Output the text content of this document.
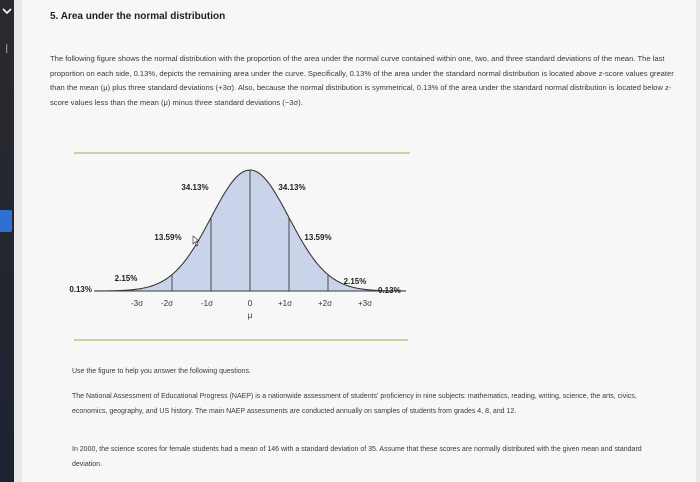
❘
5. Area under the normal distribution
The following figure shows the normal distribution with the proportion of the area under the normal curve contained within one, two, and three standard deviations of the mean. The last proportion on each side, 0.13%, depicts the remaining area under the curve. Specifically, 0.13% of the area under the standard normal distribution is located above z-score values greater than the mean (μ) plus three standard deviations (+3σ). Also, because the normal distribution is symmetrical, 0.13% of the area under the standard normal distribution is located below z-score values less than the mean (μ) minus three standard deviations (−3σ).
-3σ -2σ	-1σ	0	+1σ	+2σ	+3σ
μ
0.13%
2.15%
13.59%
34.13%	34.13%
13.59%
2.15%
0.13%
Use the figure to help you answer the following questions.
The National Assessment of Educational Progress (NAEP) is a nationwide assessment of students' proficiency in nine subjects: mathematics, reading, writing, science, the arts, civics, economics, geography, and US history. The main NAEP assessments are conducted annually on samples of students from grades 4, 8, and 12.
In 2000, the science scores for female students had a mean of 146 with a standard deviation of 35. Assume that these scores are normally distributed with the given mean and standard deviation.
